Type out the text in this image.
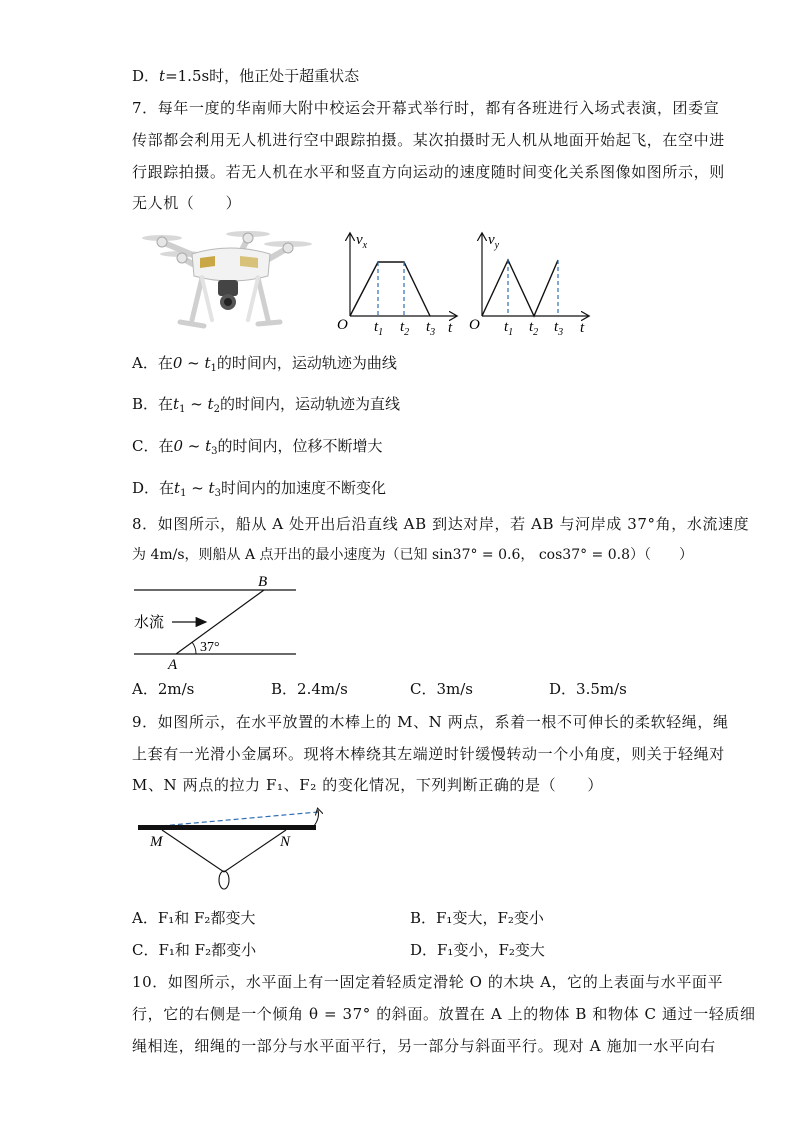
D．t=1.5s时，他正处于超重状态
7．每年一度的华南师大附中校运会开幕式举行时，都有各班进行入场式表演，团委宣
传部都会利用无人机进行空中跟踪拍摄。某次拍摄时无人机从地面开始起飞，在空中进
行跟踪拍摄。若无人机在水平和竖直方向运动的速度随时间变化关系图像如图所示，则
无人机（　　）
$v_x$
O $t_1$ $t_2$ $t_3$ t
$v_y$
O $t_1$ $t_2$ $t_3$ t
A．在0 ~ $t_1$的时间内，运动轨迹为曲线
B．在$t_1$ ~ $t_2$的时间内，运动轨迹为直线
C．在0 ~ $t_3$的时间内，位移不断增大
D．在$t_1$ ~ $t_3$时间内的加速度不断变化
8．如图所示，船从 A 处开出后沿直线 AB 到达对岸，若 AB 与河岸成 37°角，水流速度
为 4m/s，则船从 A 点开出的最小速度为（已知 sin37° = 0.6， cos37° = 0.8）（　　）
水流
37°
B
A
A．2m/s	B．2.4m/s	C．3m/s	D．3.5m/s
9．如图所示，在水平放置的木棒上的 M、N 两点，系着一根不可伸长的柔软轻绳，绳
上套有一光滑小金属环。现将木棒绕其左端逆时针缓慢转动一个小角度，则关于轻绳对
M、N 两点的拉力 F₁、F₂ 的变化情况，下列判断正确的是（　　）
M	N
A．F₁和 F₂都变大	B．F₁变大，F₂变小
C．F₁和 F₂都变小	D．F₁变小，F₂变大
10．如图所示，水平面上有一固定着轻质定滑轮 O 的木块 A，它的上表面与水平面平
行，它的右侧是一个倾角 θ = 37° 的斜面。放置在 A 上的物体 B 和物体 C 通过一轻质细
绳相连，细绳的一部分与水平面平行，另一部分与斜面平行。现对 A 施加一水平向右
